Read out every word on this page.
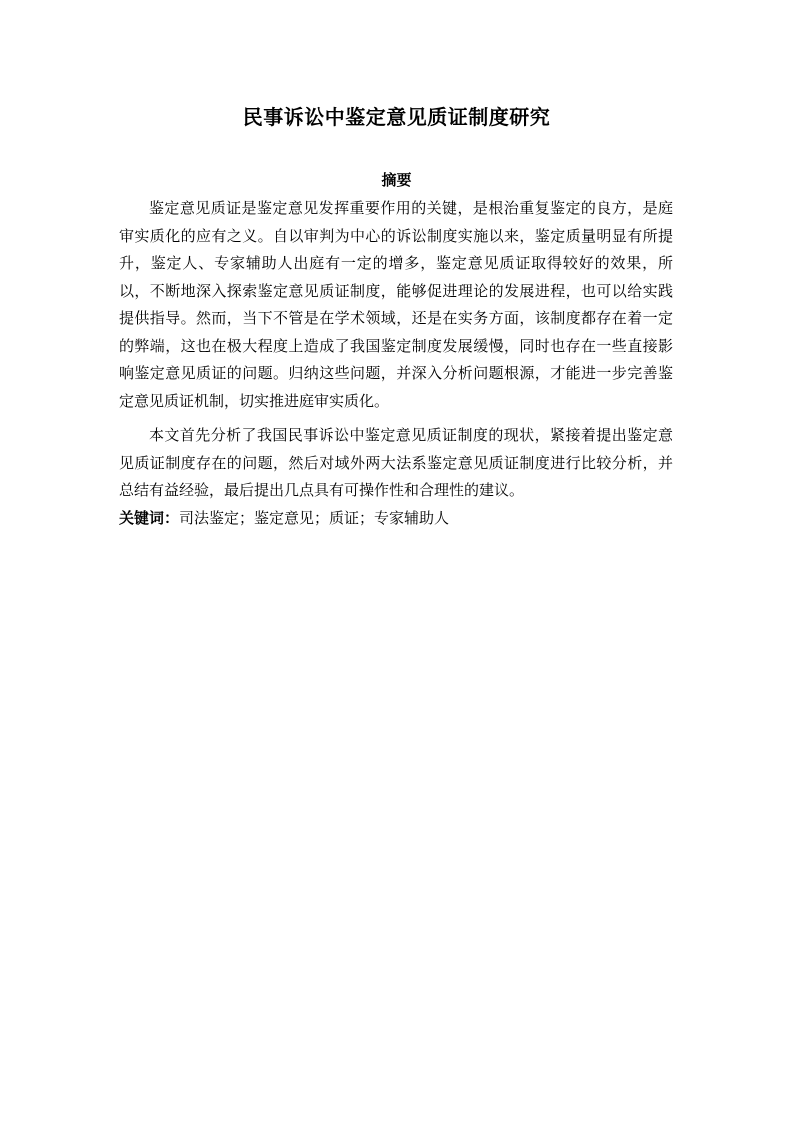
民事诉讼中鉴定意见质证制度研究
摘要

鉴定意见质证是鉴定意见发挥重要作用的关键，是根治重复鉴定的良方，是庭审实质化的应有之义。自以审判为中心的诉讼制度实施以来，鉴定质量明显有所提升，鉴定人、专家辅助人出庭有一定的增多，鉴定意见质证取得较好的效果，所以，不断地深入探索鉴定意见质证制度，能够促进理论的发展进程，也可以给实践提供指导。然而，当下不管是在学术领域，还是在实务方面，该制度都存在着一定的弊端，这也在极大程度上造成了我国鉴定制度发展缓慢，同时也存在一些直接影响鉴定意见质证的问题。归纳这些问题，并深入分析问题根源，才能进一步完善鉴定意见质证机制，切实推进庭审实质化。

本文首先分析了我国民事诉讼中鉴定意见质证制度的现状，紧接着提出鉴定意见质证制度存在的问题，然后对域外两大法系鉴定意见质证制度进行比较分析，并总结有益经验，最后提出几点具有可操作性和合理性的建议。

关键词：司法鉴定；鉴定意见；质证；专家辅助人
